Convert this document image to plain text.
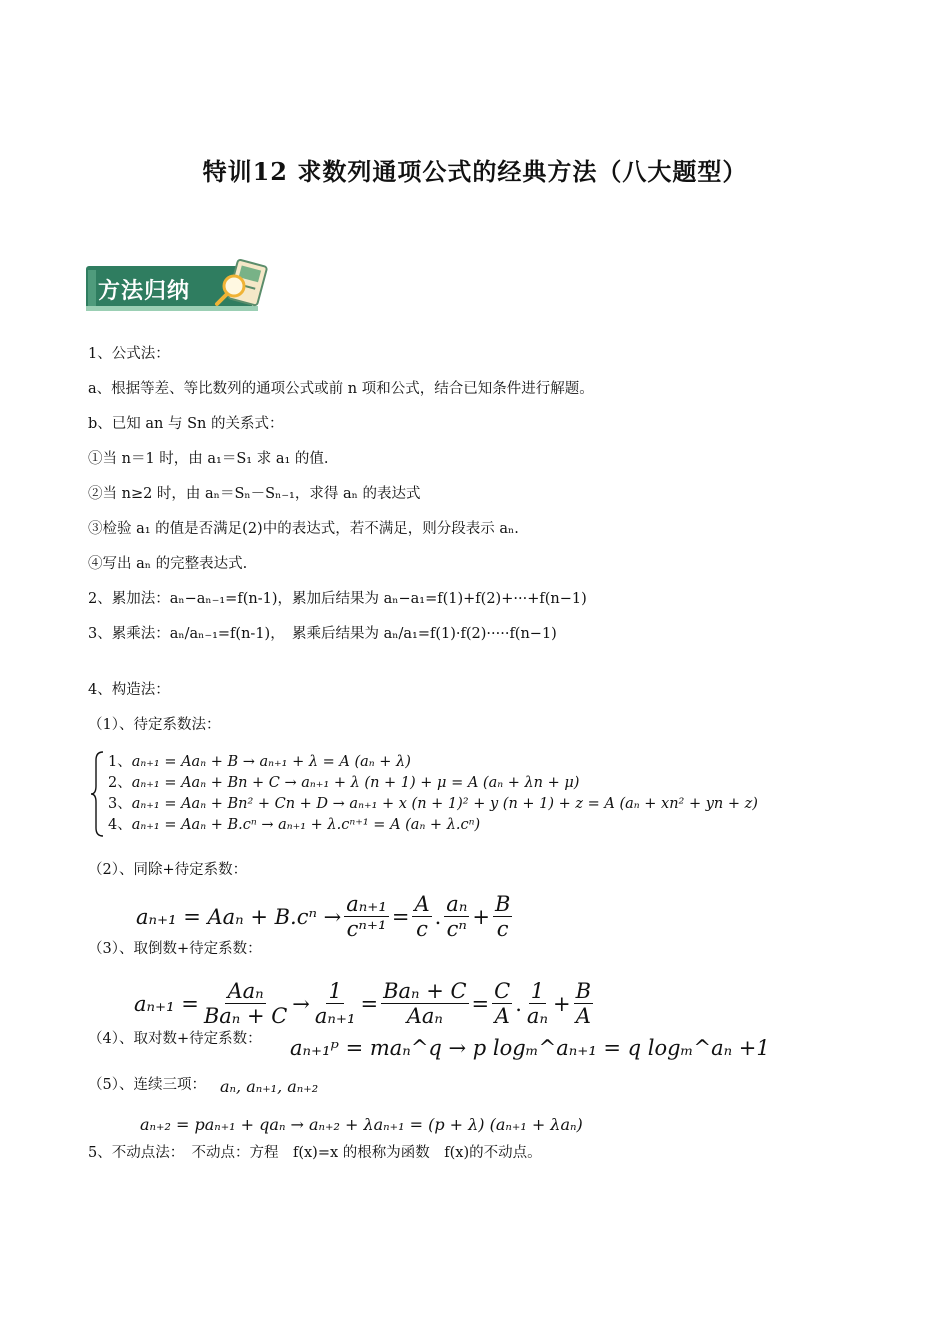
特训12 求数列通项公式的经典方法（八大题型）
方法归纳
1、公式法：
a、根据等差、等比数列的通项公式或前 n 项和公式，结合已知条件进行解题。
b、已知 an 与 Sn 的关系式：
①当 n＝1 时，由 a₁＝S₁ 求 a₁ 的值.
②当 n≥2 时，由 aₙ＝Sₙ－Sₙ₋₁，求得 aₙ 的表达式
③检验 a₁ 的值是否满足(2)中的表达式，若不满足，则分段表示 aₙ.
④写出 aₙ 的完整表达式.
2、累加法：aₙ−aₙ₋₁=f(n-1)，累加后结果为 aₙ−a₁=f(1)+f(2)+···+f(n−1)
3、累乘法：aₙ/aₙ₋₁=f(n-1)，　累乘后结果为 aₙ/a₁=f(1)·f(2)·····f(n−1)
4、构造法：
（1）、待定系数法：
1、aₙ₊₁ = Aaₙ + B → aₙ₊₁ + λ = A (aₙ + λ)
2、aₙ₊₁ = Aaₙ + Bn + C → aₙ₊₁ + λ (n + 1) + μ = A (aₙ + λn + μ)
3、aₙ₊₁ = Aaₙ + Bn² + Cn + D → aₙ₊₁ + x (n + 1)² + y (n + 1) + z = A (aₙ + xn² + yn + z)
4、aₙ₊₁ = Aaₙ + B.cⁿ → aₙ₊₁ + λ.cⁿ⁺¹ = A (aₙ + λ.cⁿ)
（2）、同除+待定系数：
$a_{n+1} = Aa_n + B.c^n \to \frac{\text{aₙ₊₁}}{\text{cⁿ⁺¹}} = \frac{A}{c}$ . $\frac{\text{aₙ}}{\text{cⁿ}} + \frac{B}{c}$
（3）、取倒数+待定系数：
$a_{n+1} = \frac{\text{Aaₙ}}{\text{Baₙ + C}} \to \frac{1}{\text{aₙ₊₁}} = \frac{\text{Baₙ + C}}{\text{Aaₙ}} = \frac{C}{A}$ . $\frac{1}{\text{aₙ}} + \frac{B}{A}$
（4）、取对数+待定系数： aₙ₊₁ᵖ = maₙ^q → p logₘ^aₙ₊₁ = q logₘ^aₙ +1
（5）、连续三项： aₙ, aₙ₊₁, aₙ₊₂
aₙ₊₂ = paₙ₊₁ + qaₙ → aₙ₊₂ + λaₙ₊₁ = (p + λ) (aₙ₊₁ + λaₙ)
5、不动点法：　不动点：方程　f(x)=x 的根称为函数　f(x)的不动点。
